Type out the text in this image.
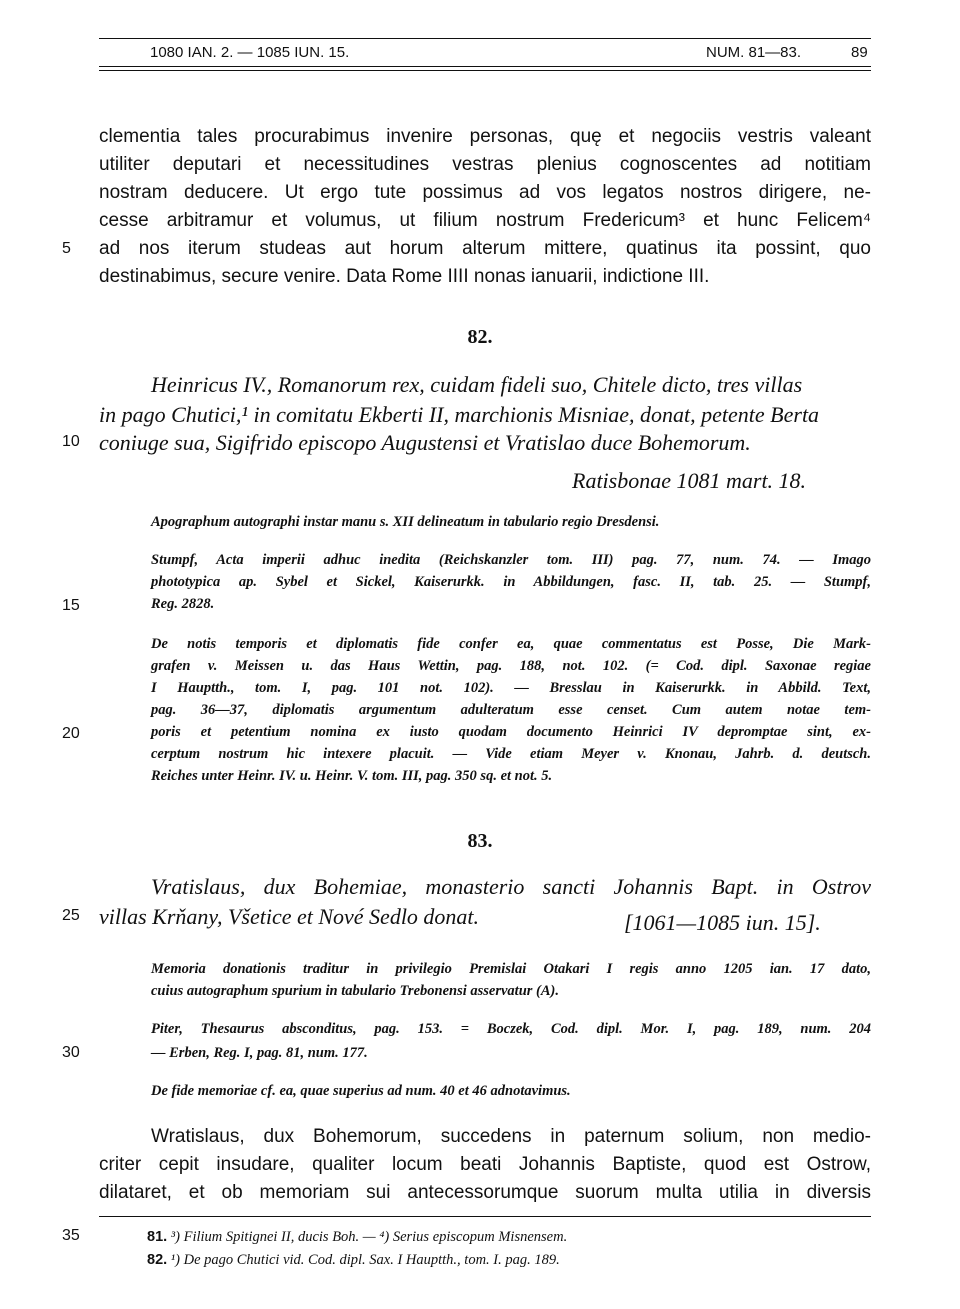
1080 IAN. 2. — 1085 IUN. 15.	NUM. 81—83.	89
5
10
15
20
25
30
35
clementia tales procurabimus invenire personas, quę et negociis vestris valeant
utiliter deputari et necessitudines vestras plenius cognoscentes ad notitiam
nostram deducere. Ut ergo tute possimus ad vos legatos nostros dirigere, ne-
cesse arbitramur et volumus, ut filium nostrum Fredericum³ et hunc Felicem⁴
ad nos iterum studeas aut horum alterum mittere, quatinus ita possint, quo
destinabimus, secure venire. Data Rome IIII nonas ianuarii, indictione III.
82.
Heinricus IV., Romanorum rex, cuidam fideli suo, Chitele dicto, tres villas
in pago Chutici,¹ in comitatu Ekberti II, marchionis Misniae, donat, petente Berta
coniuge sua, Sigifrido episcopo Augustensi et Vratislao duce Bohemorum.
Ratisbonae 1081 mart. 18.
Apographum autographi instar manu s. XII delineatum in tabulario regio Dresdensi.
Stumpf, Acta imperii adhuc inedita (Reichskanzler tom. III) pag. 77, num. 74. — Imago
phototypica ap. Sybel et Sickel, Kaiserurkk. in Abbildungen, fasc. II, tab. 25. — Stumpf,
Reg. 2828.
De notis temporis et diplomatis fide confer ea, quae commentatus est Posse, Die Mark-
grafen v. Meissen u. das Haus Wettin, pag. 188, not. 102. (= Cod. dipl. Saxonae regiae
I Hauptth., tom. I, pag. 101 not. 102). — Bresslau in Kaiserurkk. in Abbild. Text,
pag. 36—37, diplomatis argumentum adulteratum esse censet. Cum autem notae tem-
poris et petentium nomina ex iusto quodam documento Heinrici IV depromptae sint, ex-
cerptum nostrum hic intexere placuit. — Vide etiam Meyer v. Knonau, Jahrb. d. deutsch.
Reiches unter Heinr. IV. u. Heinr. V. tom. III, pag. 350 sq. et not. 5.
83.
Vratislaus, dux Bohemiae, monasterio sancti Johannis Bapt. in Ostrov
villas Krňany, Všetice et Nové Sedlo donat.	[1061—1085 iun. 15].
Memoria donationis traditur in privilegio Premislai Otakari I regis anno 1205 ian. 17 dato,
cuius autographum spurium in tabulario Trebonensi asservatur (A).
Piter, Thesaurus absconditus, pag. 153. = Boczek, Cod. dipl. Mor. I, pag. 189, num. 204
— Erben, Reg. I, pag. 81, num. 177.
De fide memoriae cf. ea, quae superius ad num. 40 et 46 adnotavimus.
Wratislaus, dux Bohemorum, succedens in paternum solium, non medio-
criter cepit insudare, qualiter locum beati Johannis Baptiste, quod est Ostrow,
dilataret, et ob memoriam sui antecessorumque suorum multa utilia in diversis
81. ³) Filium Spitignei II, ducis Boh. — ⁴) Serius episcopum Misnensem.
82. ¹) De pago Chutici vid. Cod. dipl. Sax. I Hauptth., tom. I. pag. 189.
